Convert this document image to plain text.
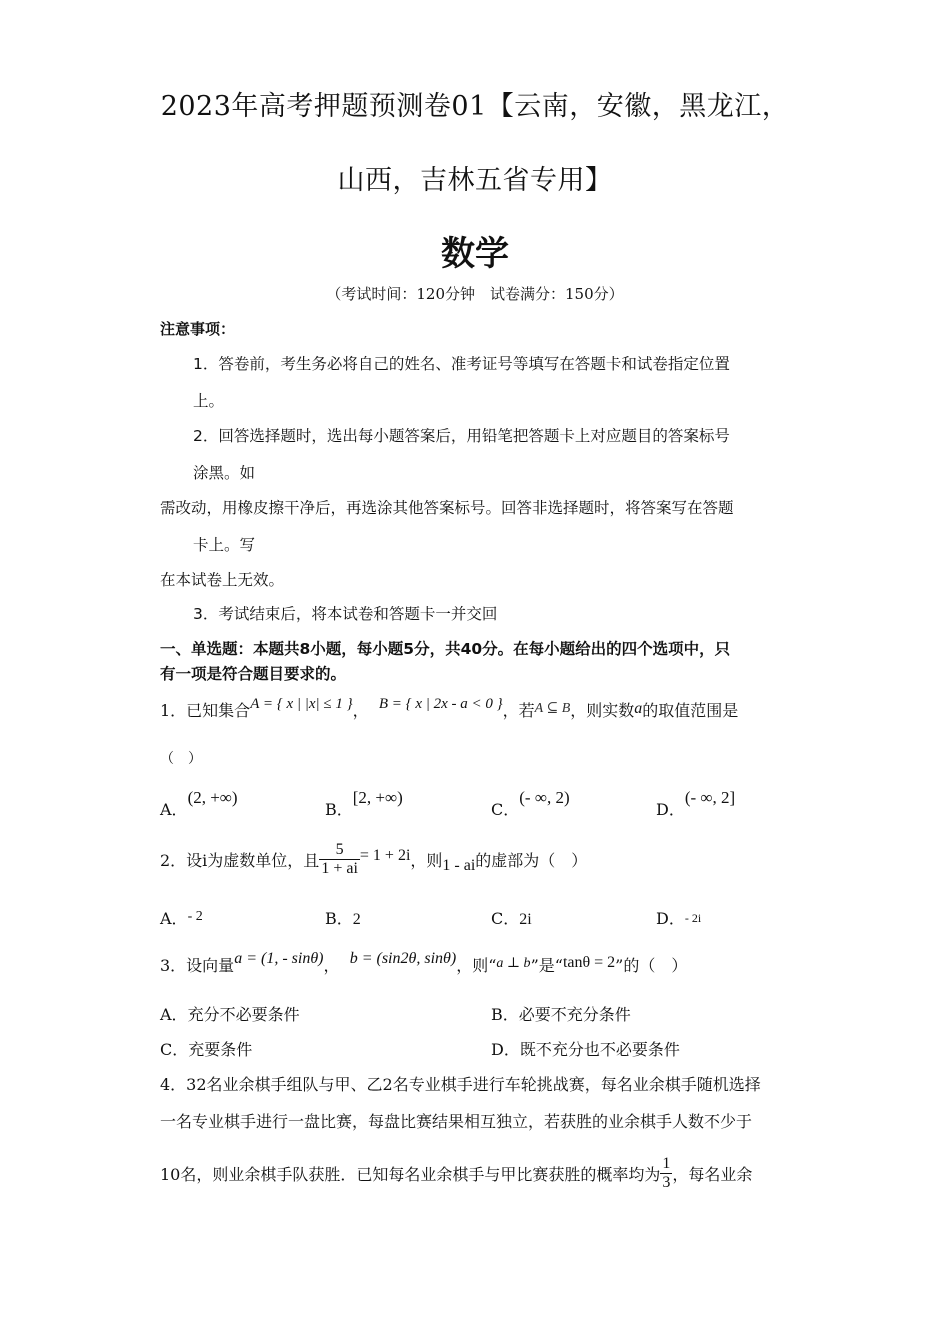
2023年高考押题预测卷01【云南，安徽，黑龙江，
山西，吉林五省专用】
数学
（考试时间：120分钟　试卷满分：150分）
注意事项：
1．答卷前，考生务必将自己的姓名、准考证号等填写在答题卡和试卷指定位置
上。
2．回答选择题时，选出每小题答案后，用铅笔把答题卡上对应题目的答案标号
涂黑。如
需改动，用橡皮擦干净后，再选涂其他答案标号。回答非选择题时，将答案写在答题
卡上。写
在本试卷上无效。
3．考试结束后，将本试卷和答题卡一并交回
一、单选题：本题共8小题，每小题5分，共40分。在每小题给出的四个选项中，只
有一项是符合题目要求的。
1．已知集合A = { x | |x| ≤ 1 }， B = { x | 2x - a < 0 }，若A ⊆ B，则实数a的取值范围是
（　）
A．(2, +∞)
B．[2, +∞)
C．(- ∞, 2)
D．(- ∞, 2]
2．设i为虚数单位，且 $\frac{5}{1 + ai} = 1 + 2i$，则1 - ai的虚部为（　）
A．- 2	B．2	C．2i	D．- 2i
3．设向量a = (1, - sinθ)， b = (sin2θ, sinθ)，则“a ⊥ b”是“tanθ = 2”的（　）
A．充分不必要条件	B．必要不充分条件
C．充要条件	D．既不充分也不必要条件
4．32名业余棋手组队与甲、乙2名专业棋手进行车轮挑战赛，每名业余棋手随机选择
一名专业棋手进行一盘比赛，每盘比赛结果相互独立，若获胜的业余棋手人数不少于
10名，则业余棋手队获胜．已知每名业余棋手与甲比赛获胜的概率均为 $\frac{1}{3}$ ，每名业余
